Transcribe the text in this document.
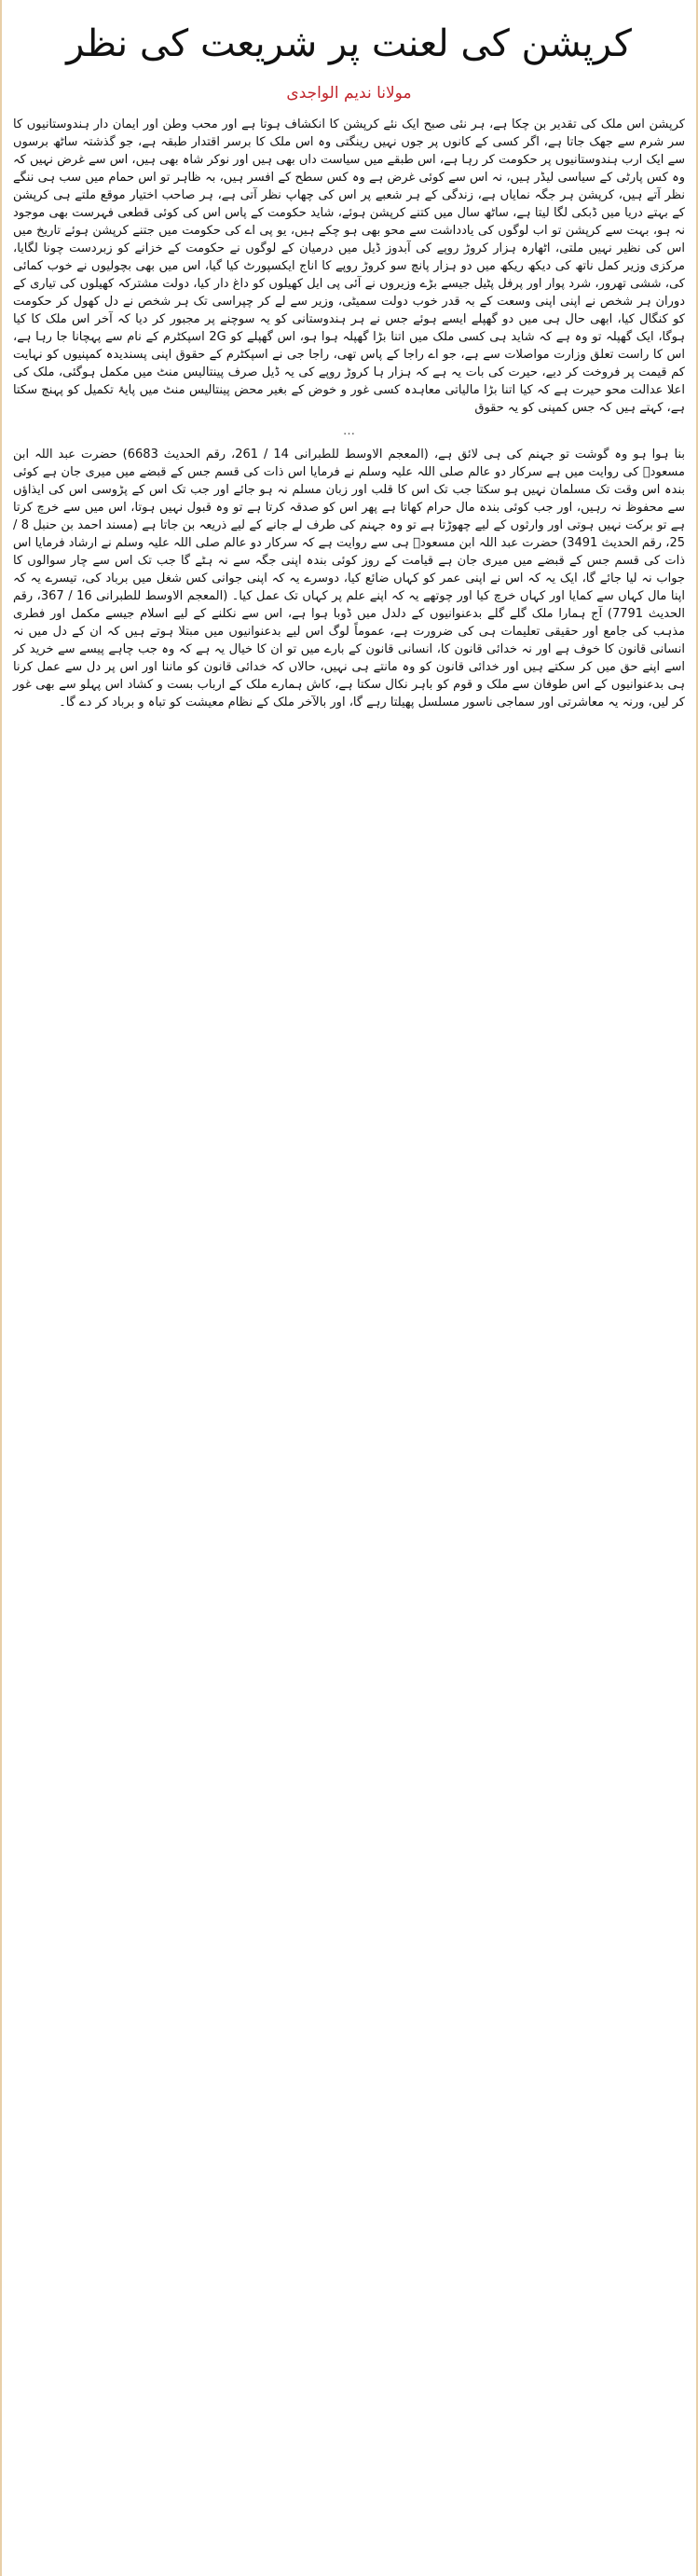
کرپشن کی لعنت پر شریعت کی نظر
مولانا ندیم الواجدی

کرپشن اس ملک کی تقدیر بن چکا ہے، ہر نئی صبح ایک نئے کرپشن کا انکشاف ہوتا ہے اور محب وطن اور ایمان دار ہندوستانیوں کا سر شرم سے جھک جاتا ہے، اگر کسی کے کانوں پر جوں نہیں رینگتی وہ اس ملک کا برسر اقتدار طبقہ ہے، جو گذشتہ ساٹھ برسوں سے ایک ارب ہندوستانیوں پر حکومت کر رہا ہے، اس طبقے میں سیاست داں بھی ہیں اور نوکر شاہ بھی ہیں، اس سے غرض نہیں کہ وہ کس پارٹی کے سیاسی لیڈر ہیں، نہ اس سے کوئی غرض ہے وہ کس سطح کے افسر ہیں، بہ ظاہر تو اس حمام میں سب ہی ننگے نظر آتے ہیں، کرپشن ہر جگہ نمایاں ہے، زندگی کے ہر شعبے پر اس کی چھاپ نظر آتی ہے، ہر صاحب اختیار موقع ملتے ہی کرپشن کے بہتے دریا میں ڈبکی لگا لیتا ہے، ساٹھ سال میں کتنے کرپشن ہوئے، شاید حکومت کے پاس اس کی کوئی قطعی فہرست بھی موجود نہ ہو، بہت سے کرپشن تو اب لوگوں کی یادداشت سے محو بھی ہو چکے ہیں، یو پی اے کی حکومت میں جتنے کرپشن ہوئے تاریخ میں اس کی نظیر نہیں ملتی، اٹھارہ ہزار کروڑ روپے کی آبدوز ڈیل میں درمیان کے لوگوں نے حکومت کے خزانے کو زبردست چونا لگایا، مرکزی وزیر کمل ناتھ کی دیکھ ریکھ میں دو ہزار پانچ سو کروڑ روپے کا اناج ایکسپورٹ کیا گیا، اس میں بھی بچولیوں نے خوب کمائی کی، ششی تھرور، شرد پوار اور پرفل پٹیل جیسے بڑے وزیروں نے آئی پی ایل کھیلوں کو داغ دار کیا، دولت مشترکہ کھیلوں کی تیاری کے دوران ہر شخص نے اپنی اپنی وسعت کے بہ قدر خوب دولت سمیٹی، وزیر سے لے کر چپراسی تک ہر شخص نے دل کھول کر حکومت کو کنگال کیا، ابھی حال ہی میں دو گھپلے ایسے ہوئے جس نے ہر ہندوستانی کو یہ سوچنے پر مجبور کر دیا کہ آخر اس ملک کا کیا ہوگا، ایک گھپلہ تو وہ ہے کہ شاید ہی کسی ملک میں اتنا بڑا گھپلہ ہوا ہو، اس گھپلے کو 2G اسپکٹرم کے نام سے پہچانا جا رہا ہے، اس کا راست تعلق وزارت مواصلات سے ہے، جو اے راجا کے پاس تھی، راجا جی نے اسپکٹرم کے حقوق اپنی پسندیدہ کمپنیوں کو نہایت کم قیمت پر فروخت کر دیے، حیرت کی بات یہ ہے کہ ہزار ہا کروڑ روپے کی یہ ڈیل صرف پینتالیس منٹ میں مکمل ہوگئی، ملک کی اعلا عدالت محو حیرت ہے کہ کیا اتنا بڑا مالیاتی معاہدہ کسی غور و خوض کے بغیر محض پینتالیس منٹ میں پایۂ تکمیل کو پہنچ سکتا ہے، کہتے ہیں کہ جس کمپنی کو یہ حقوق

…

بنا ہوا ہو وہ گوشت تو جہنم کی ہی لائق ہے، (المعجم الاوسط للطبرانی 14 / 261، رقم الحدیث 6683) حضرت عبد اللہ ابن مسعودؓ کی روایت میں ہے سرکار دو عالم صلی اللہ علیہ وسلم نے فرمایا اس ذات کی قسم جس کے قبضے میں میری جان ہے کوئی بندہ اس وقت تک مسلمان نہیں ہو سکتا جب تک اس کا قلب اور زبان مسلم نہ ہو جائے اور جب تک اس کے پڑوسی اس کی ایذاؤں سے محفوظ نہ رہیں، اور جب کوئی بندہ مال حرام کھاتا ہے پھر اس کو صدقہ کرتا ہے تو وہ قبول نہیں ہوتا، اس میں سے خرچ کرتا ہے تو برکت نہیں ہوتی اور وارثوں کے لیے چھوڑتا ہے تو وہ جہنم کی طرف لے جانے کے لیے ذریعہ بن جاتا ہے (مسند احمد بن حنبل 8 / 25، رقم الحدیث 3491) حضرت عبد اللہ ابن مسعودؓ ہی سے روایت ہے کہ سرکار دو عالم صلی اللہ علیہ وسلم نے ارشاد فرمایا اس ذات کی قسم جس کے قبضے میں میری جان ہے قیامت کے روز کوئی بندہ اپنی جگہ سے نہ ہٹے گا جب تک اس سے چار سوالوں کا جواب نہ لیا جائے گا، ایک یہ کہ اس نے اپنی عمر کو کہاں ضائع کیا، دوسرے یہ کہ اپنی جوانی کس شغل میں برباد کی، تیسرے یہ کہ اپنا مال کہاں سے کمایا اور کہاں خرچ کیا اور چوتھے یہ کہ اپنے علم پر کہاں تک عمل کیا۔ (المعجم الاوسط للطبرانی 16 / 367، رقم الحدیث 7791) آج ہمارا ملک گلے گلے بدعنوانیوں کے دلدل میں ڈوبا ہوا ہے، اس سے نکلنے کے لیے اسلام جیسے مکمل اور فطری مذہب کی جامع اور حقیقی تعلیمات ہی کی ضرورت ہے، عموماً لوگ اس لیے بدعنوانیوں میں مبتلا ہوتے ہیں کہ ان کے دل میں نہ انسانی قانون کا خوف ہے اور نہ خدائی قانون کا، انسانی قانون کے بارے میں تو ان کا خیال یہ ہے کہ وہ جب چاہے پیسے سے خرید کر اسے اپنے حق میں کر سکتے ہیں اور خدائی قانون کو وہ مانتے ہی نہیں، حالاں کہ خدائی قانون کو ماننا اور اس پر دل سے عمل کرنا ہی بدعنوانیوں کے اس طوفان سے ملک و قوم کو باہر نکال سکتا ہے، کاش ہمارے ملک کے ارباب بست و کشاد اس پہلو سے بھی غور کر لیں، ورنہ یہ معاشرتی اور سماجی ناسور مسلسل پھیلتا رہے گا، اور بالآخر ملک کے نظام معیشت کو تباہ و برباد کر دے گا۔
